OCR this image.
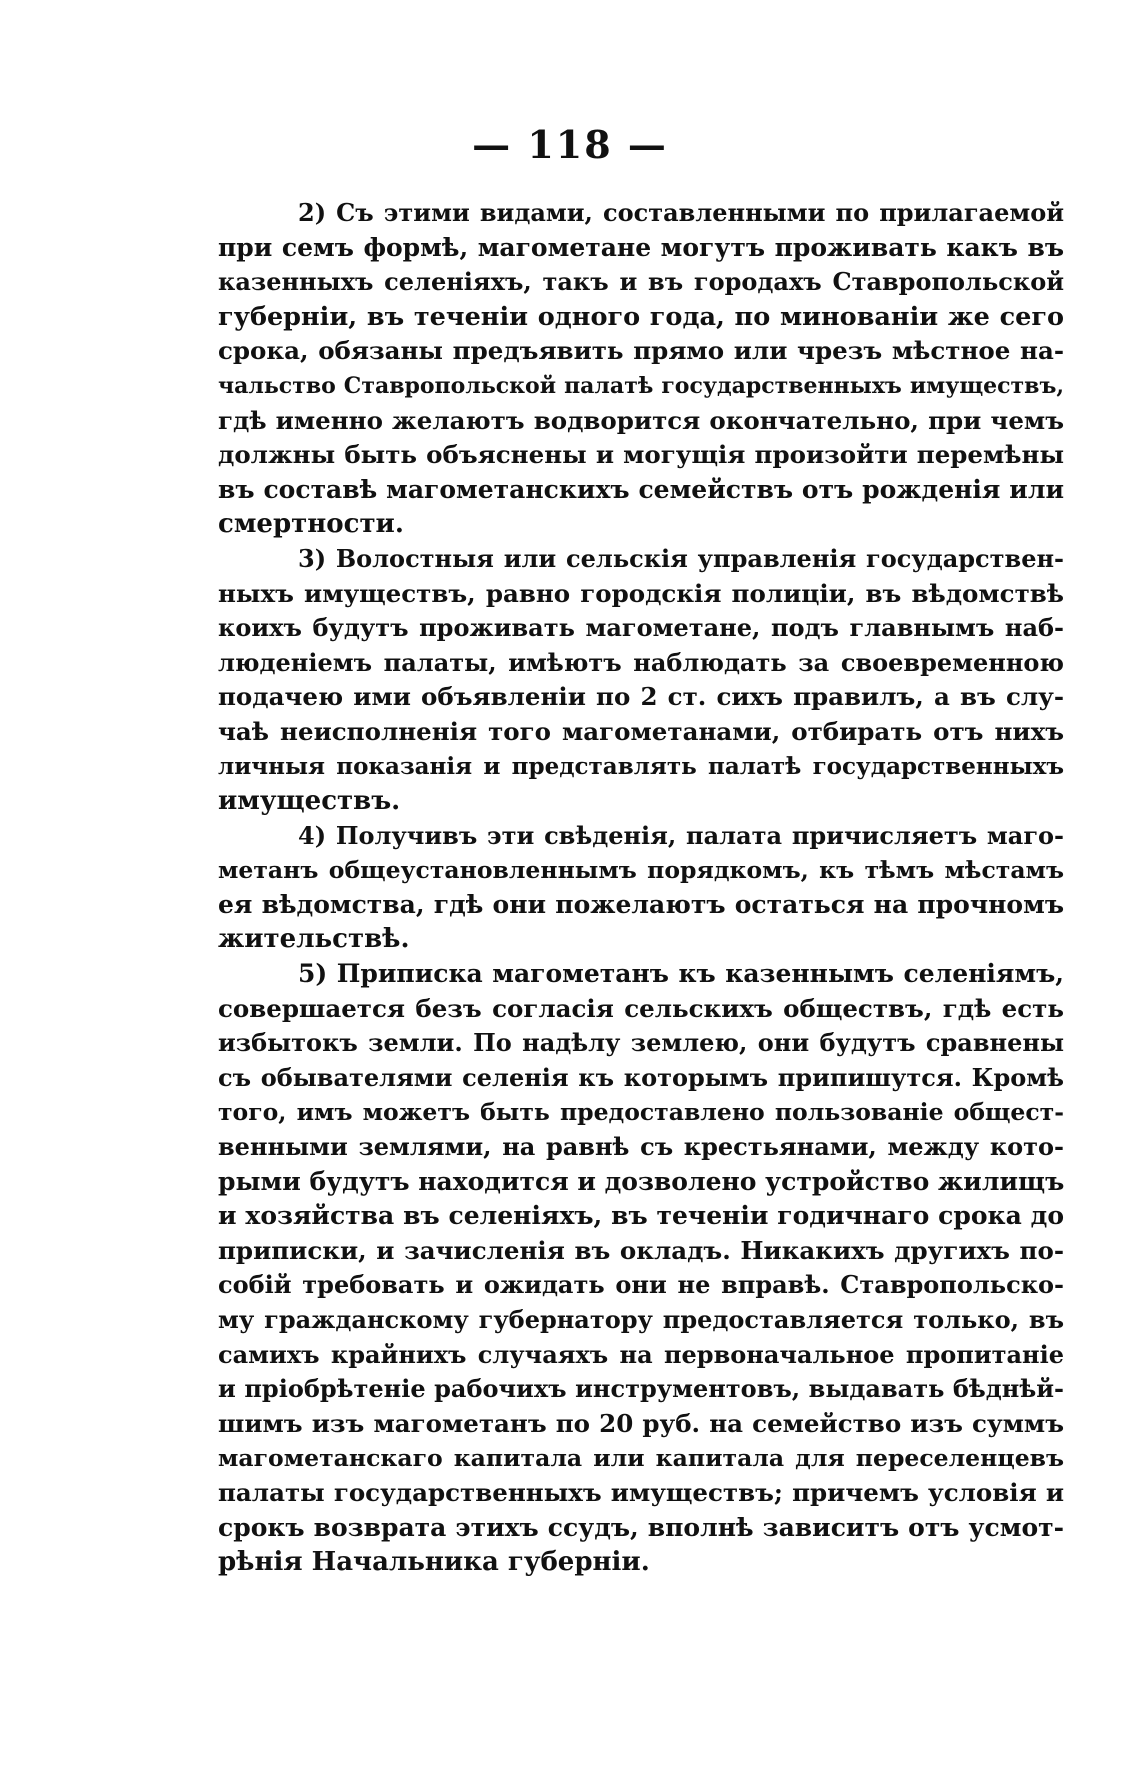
— 118 —
2) Съ этими видами, составленными по прилагаемой
при семъ формѣ, магометане могутъ проживать какъ въ
казенныхъ селеніяхъ, такъ и въ городахъ Ставропольской
губерніи, въ теченіи одного года, по минованіи же сего
срока, обязаны предъявить прямо или чрезъ мѣстное на-
чальство Ставропольской палатѣ государственныхъ имуществъ,
гдѣ именно желаютъ водворится окончательно, при чемъ
должны быть объяснены и могущія произойти перемѣны
въ составѣ магометанскихъ семействъ отъ рожденія или
смертности.
3) Волостныя или сельскія управленія государствен-
ныхъ имуществъ, равно городскія полиціи, въ вѣдомствѣ
коихъ будутъ проживать магометане, подъ главнымъ наб-
люденіемъ палаты, имѣютъ наблюдать за своевременною
подачею ими объявленіи по 2 ст. сихъ правилъ, а въ слу-
чаѣ неисполненія того магометанами, отбирать отъ нихъ
личныя показанія и представлять палатѣ государственныхъ
имуществъ.
4) Получивъ эти свѣденія, палата причисляетъ маго-
метанъ общеустановленнымъ порядкомъ, къ тѣмъ мѣстамъ
ея вѣдомства, гдѣ они пожелаютъ остаться на прочномъ
жительствѣ.
5) Приписка магометанъ къ казеннымъ селеніямъ,
совершается безъ согласія сельскихъ обществъ, гдѣ есть
избытокъ земли. По надѣлу землею, они будутъ сравнены
съ обывателями селенія къ которымъ припишутся. Кромѣ
того, имъ можетъ быть предоставлено пользованіе общест-
венными землями, на равнѣ съ крестьянами, между кото-
рыми будутъ находится и дозволено устройство жилищъ
и хозяйства въ селеніяхъ, въ теченіи годичнаго срока до
приписки, и зачисленія въ окладъ. Никакихъ другихъ по-
собій требовать и ожидать они не вправѣ. Ставропольско-
му гражданскому губернатору предоставляется только, въ
самихъ крайнихъ случаяхъ на первоначальное пропитаніе
и пріобрѣтеніе рабочихъ инструментовъ, выдавать бѣднѣй-
шимъ изъ магометанъ по 20 руб. на семейство изъ суммъ
магометанскаго капитала или капитала для переселенцевъ
палаты государственныхъ имуществъ; причемъ условія и
срокъ возврата этихъ ссудъ, вполнѣ зависитъ отъ усмот-
рѣнія Начальника губерніи.
